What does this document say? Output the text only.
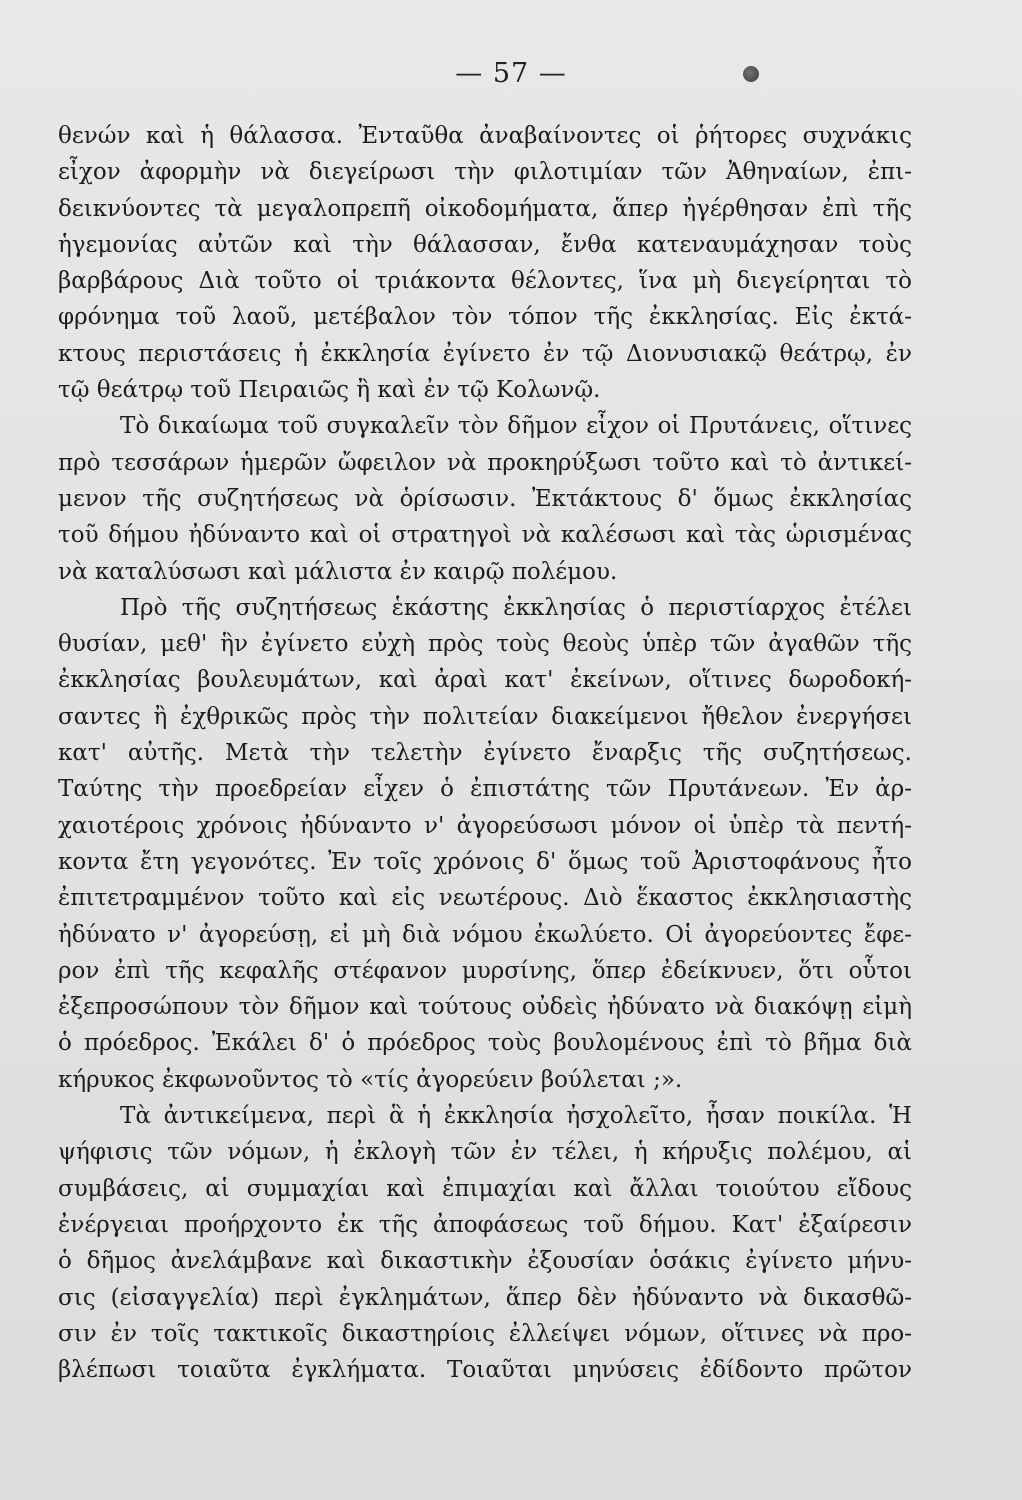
— 57 —
θενών καὶ ἡ θάλασσα. Ἐνταῦθα ἀναβαίνοντες οἱ ῥήτορες συχνάκις
εἶχον ἀφορμὴν νὰ διεγείρωσι τὴν φιλοτιμίαν τῶν Ἀθηναίων, ἐπι-
δεικνύοντες τὰ μεγαλοπρεπῆ οἰκοδομήματα, ἅπερ ἠγέρθησαν ἐπὶ τῆς
ἡγεμονίας αὐτῶν καὶ τὴν θάλασσαν, ἔνθα κατεναυμάχησαν τοὺς
βαρβάρους Διὰ τοῦτο οἱ τριάκοντα θέλοντες, ἵνα μὴ διεγείρηται τὸ
φρόνημα τοῦ λαοῦ, μετέβαλον τὸν τόπον τῆς ἐκκλησίας. Εἰς ἐκτά-
κτους περιστάσεις ἡ ἐκκλησία ἐγίνετο ἐν τῷ Διονυσιακῷ θεάτρῳ, ἐν
τῷ θεάτρῳ τοῦ Πειραιῶς ἢ καὶ ἐν τῷ Κολωνῷ.
Τὸ δικαίωμα τοῦ συγκαλεῖν τὸν δῆμον εἶχον οἱ Πρυτάνεις, οἵτινες
πρὸ τεσσάρων ἡμερῶν ὤφειλον νὰ προκηρύξωσι τοῦτο καὶ τὸ ἀντικεί-
μενον τῆς συζητήσεως νὰ ὁρίσωσιν. Ἐκτάκτους δ' ὅμως ἐκκλησίας
τοῦ δήμου ἠδύναντο καὶ οἱ στρατηγοὶ νὰ καλέσωσι καὶ τὰς ὡρισμένας
νὰ καταλύσωσι καὶ μάλιστα ἐν καιρῷ πολέμου.
Πρὸ τῆς συζητήσεως ἑκάστης ἐκκλησίας ὁ περιστίαρχος ἐτέλει
θυσίαν, μεθ' ἣν ἐγίνετο εὐχὴ πρὸς τοὺς θεοὺς ὑπὲρ τῶν ἀγαθῶν τῆς
ἐκκλησίας βουλευμάτων, καὶ ἀραὶ κατ' ἐκείνων, οἵτινες δωροδοκή-
σαντες ἢ ἐχθρικῶς πρὸς τὴν πολιτείαν διακείμενοι ἤθελον ἐνεργήσει
κατ' αὐτῆς. Μετὰ τὴν τελετὴν ἐγίνετο ἔναρξις τῆς συζητήσεως.
Ταύτης τὴν προεδρείαν εἶχεν ὁ ἐπιστάτης τῶν Πρυτάνεων. Ἐν ἀρ-
χαιοτέροις χρόνοις ἠδύναντο ν' ἀγορεύσωσι μόνον οἱ ὑπὲρ τὰ πεντή-
κοντα ἔτη γεγονότες. Ἐν τοῖς χρόνοις δ' ὅμως τοῦ Ἀριστοφάνους ἦτο
ἐπιτετραμμένον τοῦτο καὶ εἰς νεωτέρους. Διὸ ἕκαστος ἐκκλησιαστὴς
ἠδύνατο ν' ἀγορεύσῃ, εἰ μὴ διὰ νόμου ἐκωλύετο. Οἱ ἀγορεύοντες ἔφε-
ρον ἐπὶ τῆς κεφαλῆς στέφανον μυρσίνης, ὅπερ ἐδείκνυεν, ὅτι οὗτοι
ἐξεπροσώπουν τὸν δῆμον καὶ τούτους οὐδεὶς ἠδύνατο νὰ διακόψῃ εἰμὴ
ὁ πρόεδρος. Ἐκάλει δ' ὁ πρόεδρος τοὺς βουλομένους ἐπὶ τὸ βῆμα διὰ
κήρυκος ἐκφωνοῦντος τὸ «τίς ἀγορεύειν βούλεται ;».
Τὰ ἀντικείμενα, περὶ ἃ ἡ ἐκκλησία ἠσχολεῖτο, ἦσαν ποικίλα. Ἡ
ψήφισις τῶν νόμων, ἡ ἐκλογὴ τῶν ἐν τέλει, ἡ κήρυξις πολέμου, αἱ
συμβάσεις, αἱ συμμαχίαι καὶ ἐπιμαχίαι καὶ ἄλλαι τοιούτου εἴδους
ἐνέργειαι προήρχοντο ἐκ τῆς ἀποφάσεως τοῦ δήμου. Κατ' ἐξαίρεσιν
ὁ δῆμος ἀνελάμβανε καὶ δικαστικὴν ἐξουσίαν ὁσάκις ἐγίνετο μήνυ-
σις (εἰσαγγελία) περὶ ἐγκλημάτων, ἅπερ δὲν ἠδύναντο νὰ δικασθῶ-
σιν ἐν τοῖς τακτικοῖς δικαστηρίοις ἐλλείψει νόμων, οἵτινες νὰ προ-
βλέπωσι τοιαῦτα ἐγκλήματα. Τοιαῦται μηνύσεις ἐδίδοντο πρῶτον
